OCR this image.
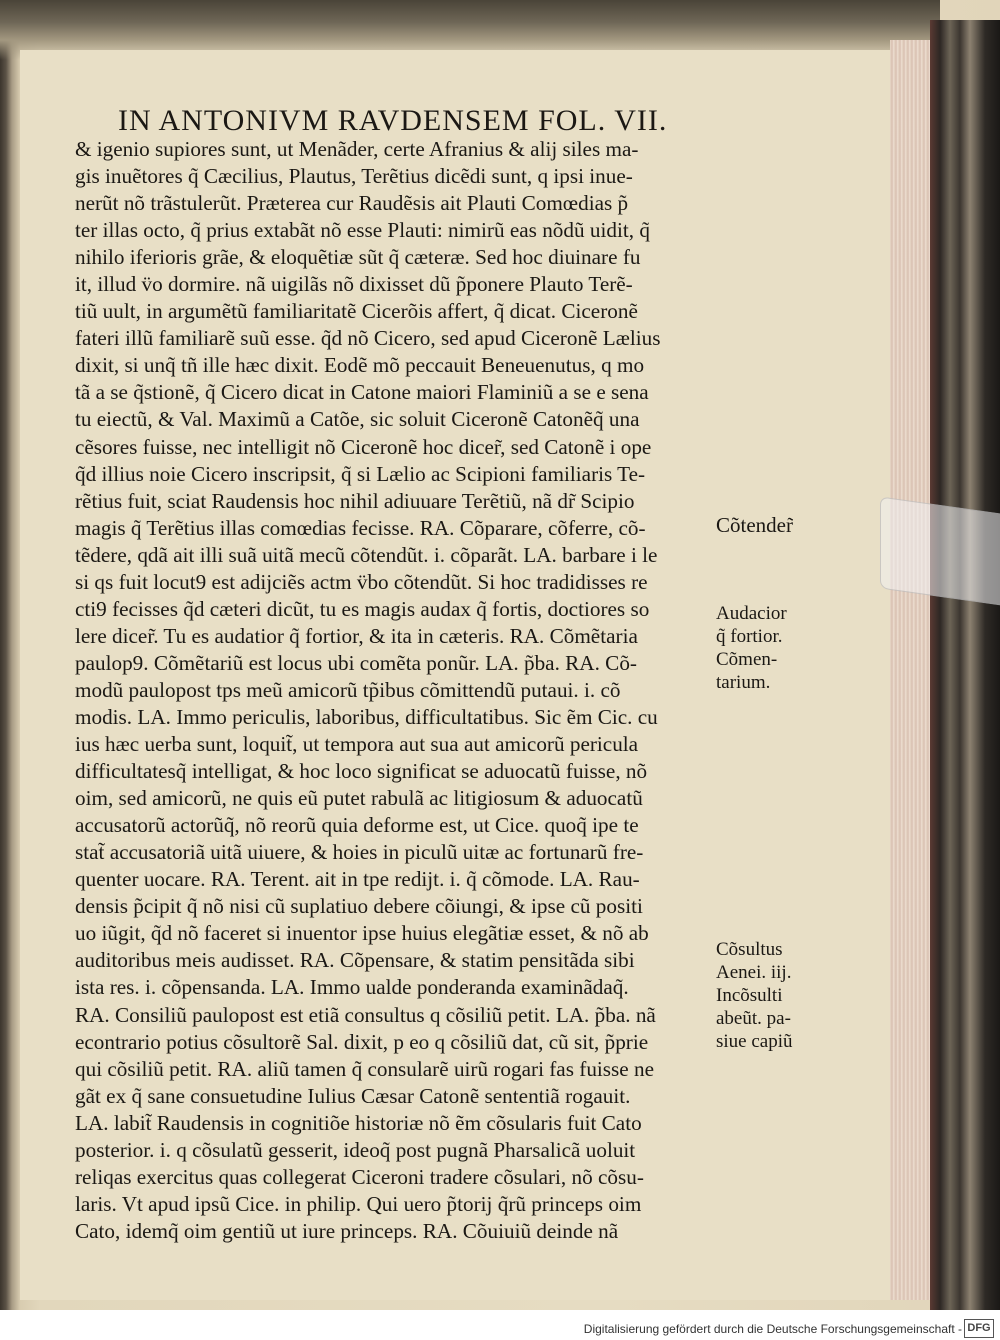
IN ANTONIVM RAVDENSEM FOL. VII.
& igenio supiores sunt, ut Menãder, certe Afranius & alij siles ma-
gis inuẽtores q̃ Cæcilius, Plautus, Terẽtius dicẽdi sunt, q ipsi inue-
nerũt nõ trãstulerũt. Præterea cur Raudẽsis ait Plauti Comœdias p̃
ter illas octo, q̃ prius extabãt nõ esse Plauti: nimirũ eas nõdũ uidit, q̃
nihilo iferioris grãe, & eloquẽtiæ sũt q̃ cæteræ. Sed hoc diuinare fu
it, illud v̈o dormire. nã uigilãs nõ dixisset dũ p̃ponere Plauto Terẽ-
tiũ uult, in argumẽtũ familiaritatẽ Cicerõis affert, q̃ dicat. Ciceronẽ
fateri illũ familiarẽ suũ esse. q̃d nõ Cicero, sed apud Ciceronẽ Lælius
dixit, si unq̃ tñ ille hæc dixit. Eodẽ mõ peccauit Beneuenutus, q mo
tã a se q̃stionẽ, q̃ Cicero dicat in Catone maiori Flaminiũ a se e sena
tu eiectũ, & Val. Maximũ a Catõe, sic soluit Ciceronẽ Catonẽq̃ una
cẽsores fuisse, nec intelligit nõ Ciceronẽ hoc dicer̃, sed Catonẽ i ope
q̃d illius noie Cicero inscripsit, q̃ si Lælio ac Scipioni familiaris Te-
rẽtius fuit, sciat Raudensis hoc nihil adiuuare Terẽtiũ, nã dr̃ Scipio
magis q̃ Terẽtius illas comœdias fecisse. RA. Cõparare, cõferre, cõ-
tẽdere, qdã ait illi suã uitã mecũ cõtendũt. i. cõparãt. LA. barbare i le
si qs fuit locut9 est adijciẽs actm v̈bo cõtendũt. Si hoc tradidisses re
cti9 fecisses q̃d cæteri dicũt, tu es magis audax q̃ fortis, doctiores so
lere dicer̃. Tu es audatior q̃ fortior, & ita in cæteris. RA. Cõmẽtaria
paulop9. Cõmẽtariũ est locus ubi comẽta ponũr. LA. p̃ba. RA. Cõ-
modũ paulopost tps meũ amicorũ tp̃ibus cõmittendũ putaui. i. cõ
modis. LA. Immo periculis, laboribus, difficultatibus. Sic ẽm Cic. cu
ius hæc uerba sunt, loquit̃, ut tempora aut sua aut amicorũ pericula
difficultatesq̃ intelligat, & hoc loco significat se aduocatũ fuisse, nõ
oim, sed amicorũ, ne quis eũ putet rabulã ac litigiosum & aduocatũ
accusatorũ actorũq̃, nõ reorũ quia deforme est, ut Cice. quoq̃ ipe te
stat̃ accusatoriã uitã uiuere, & hoies in piculũ uitæ ac fortunarũ fre-
quenter uocare. RA. Terent. ait in tpe redijt. i. q̃ cõmode. LA. Rau-
densis p̃cipit q̃ nõ nisi cũ suplatiuo debere cõiungi, & ipse cũ positi
uo iũgit, q̃d nõ faceret si inuentor ipse huius elegãtiæ esset, & nõ ab
auditoribus meis audisset. RA. Cõpensare, & statim pensitãda sibi
ista res. i. cõpensanda. LA. Immo ualde ponderanda examinãdaq̃.
RA. Consiliũ paulopost est etiã consultus q cõsiliũ petit. LA. p̃ba. nã
econtrario potius cõsultorẽ Sal. dixit, p eo q cõsiliũ dat, cũ sit, p̃prie
qui cõsiliũ petit. RA. aliũ tamen q̃ consularẽ uirũ rogari fas fuisse ne
gãt ex q̃ sane consuetudine Iulius Cæsar Catonẽ sententiã rogauit.
LA. labit̃ Raudensis in cognitiõe historiæ nõ ẽm cõsularis fuit Cato
posterior. i. q cõsulatũ gesserit, ideoq̃ post pugnã Pharsalicã uoluit
reliqas exercitus quas collegerat Ciceroni tradere cõsulari, nõ cõsu-
laris. Vt apud ipsũ Cice. in philip. Qui uero p̃torij q̃rũ princeps oim
Cato, idemq̃ oim gentiũ ut iure princeps. RA. Cõuiuiũ deinde nã
Cõtender̃
Audacior
q̃ fortior.
Cõmen-
tarium.
Cõsultus
Aenei. iij.
Incõsulti
abeũt. pa-
siue capiũ
Digitalisierung gefördert durch die Deutsche Forschungsgemeinschaft - DFG
